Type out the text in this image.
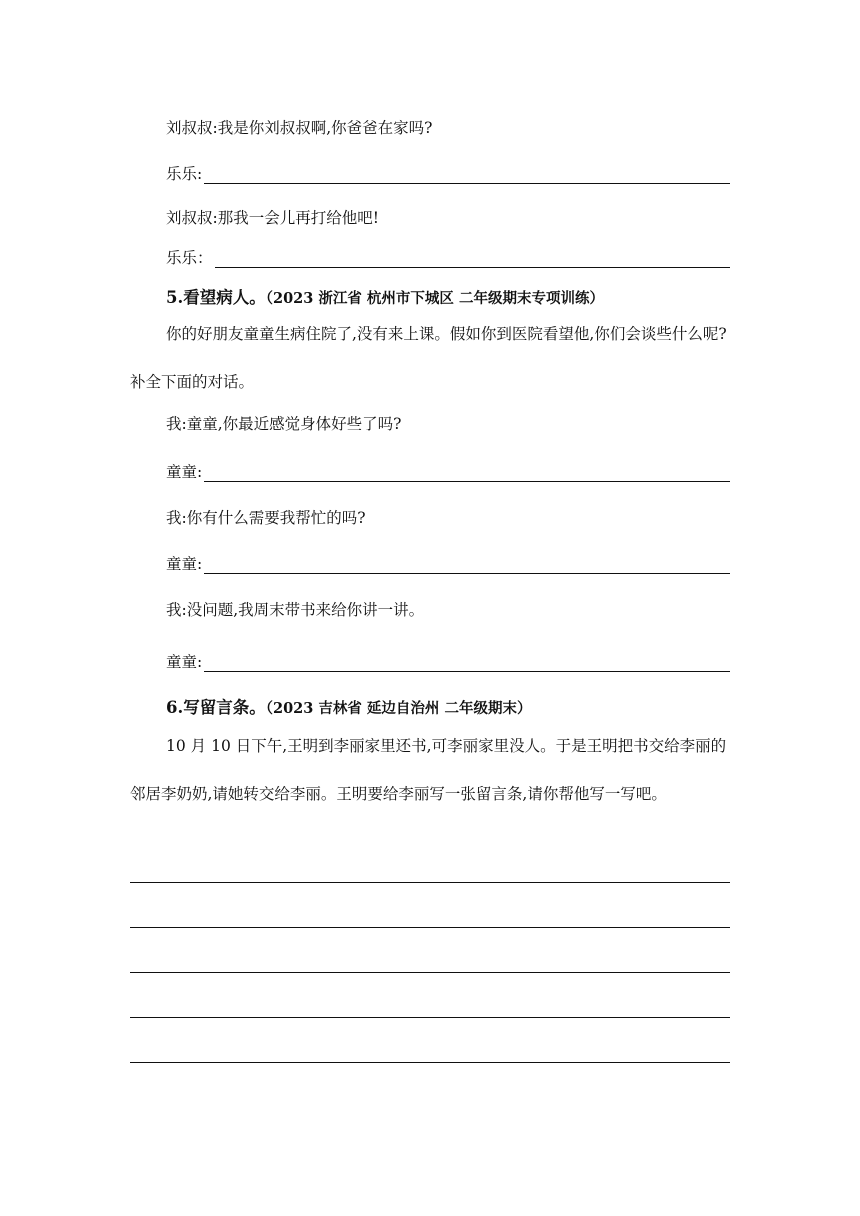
刘叔叔:我是你刘叔叔啊,你爸爸在家吗?
乐乐:
刘叔叔:那我一会儿再打给他吧!
乐乐：
5.看望病人。（2023 浙江省 杭州市下城区 二年级期末专项训练）
你的好朋友童童生病住院了,没有来上课。假如你到医院看望他,你们会谈些什么呢?补全下面的对话。
我:童童,你最近感觉身体好些了吗?
童童:
我:你有什么需要我帮忙的吗?
童童:
我:没问题,我周末带书来给你讲一讲。
童童:
6.写留言条。（2023 吉林省 延边自治州 二年级期末）
10 月 10 日下午,王明到李丽家里还书,可李丽家里没人。于是王明把书交给李丽的邻居李奶奶,请她转交给李丽。王明要给李丽写一张留言条,请你帮他写一写吧。
